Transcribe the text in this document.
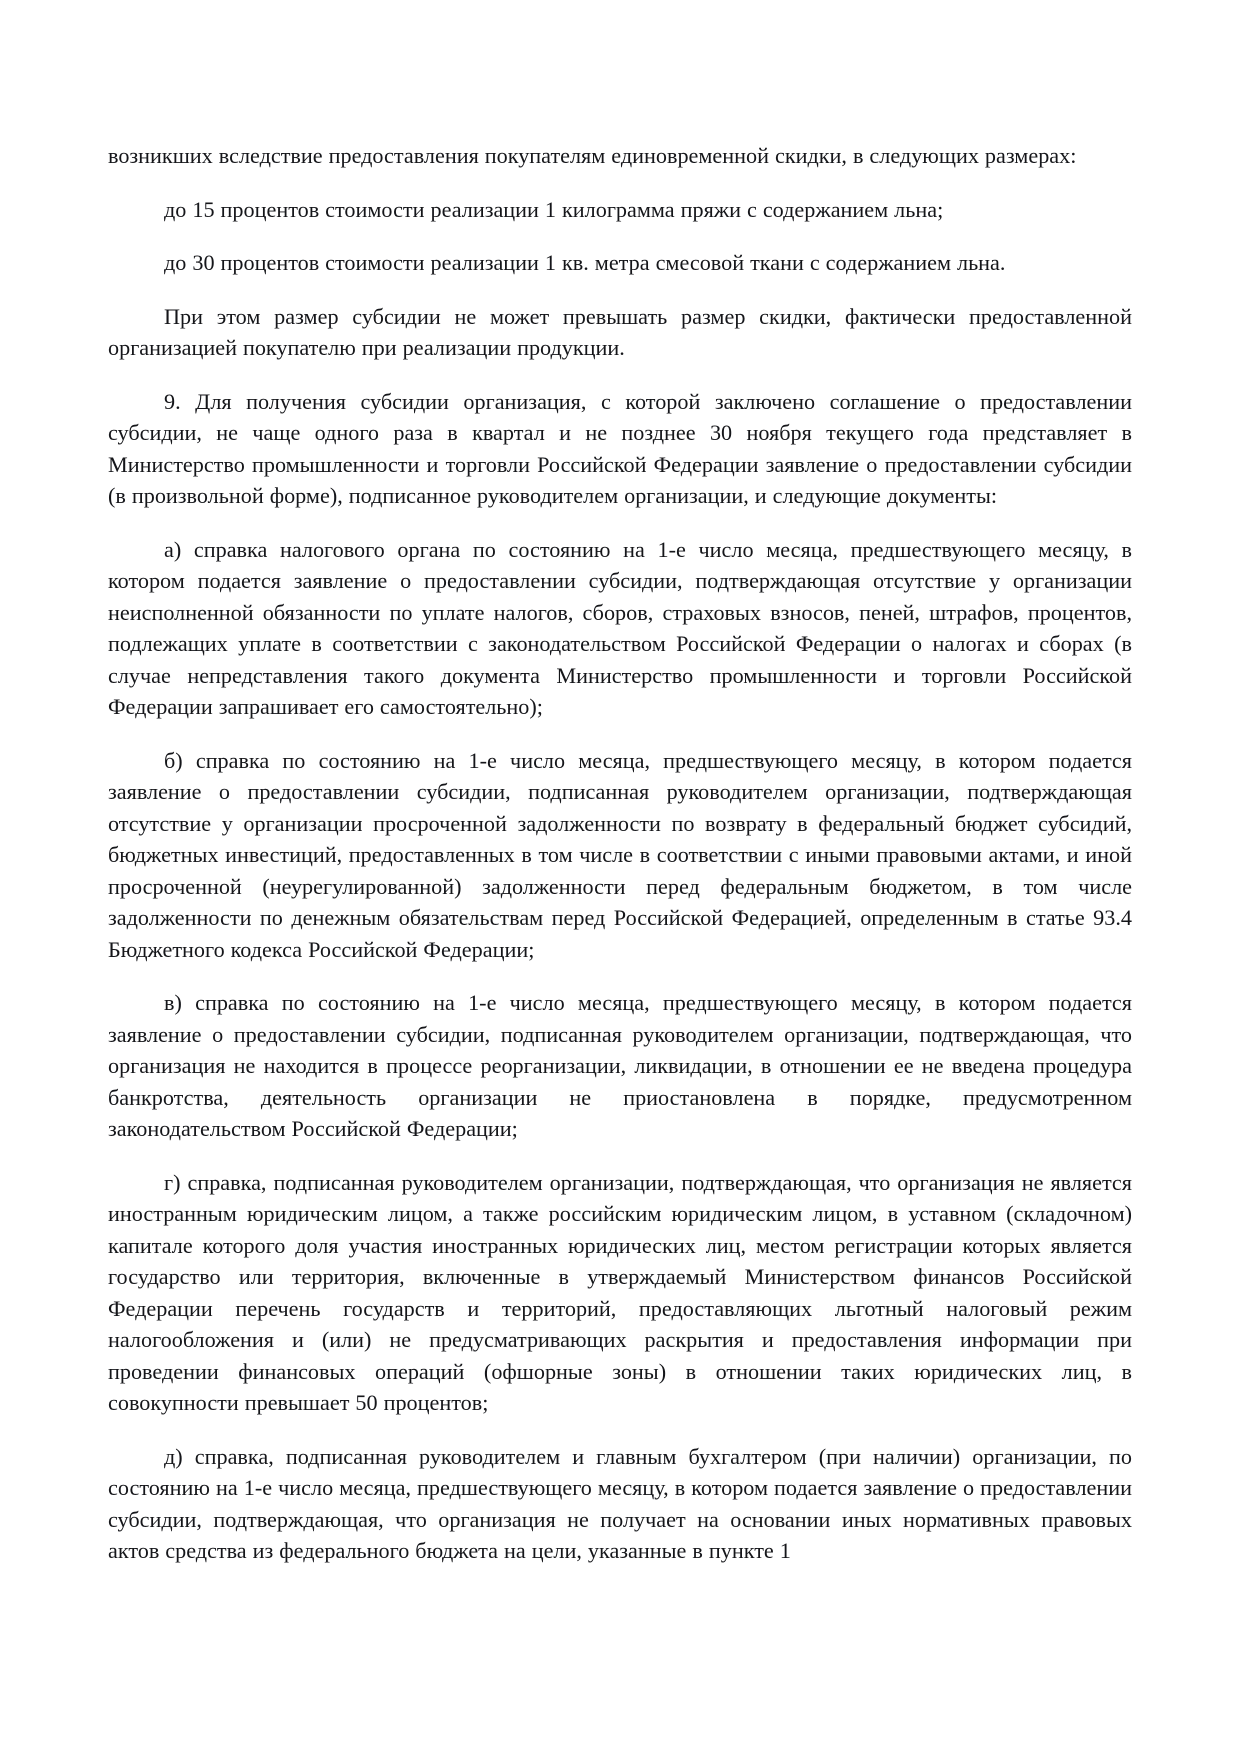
возникших вследствие предоставления покупателям единовременной скидки, в следующих размерах:

до 15 процентов стоимости реализации 1 килограмма пряжи с содержанием льна;

до 30 процентов стоимости реализации 1 кв. метра смесовой ткани с содержанием льна.

При этом размер субсидии не может превышать размер скидки, фактически предоставленной организацией покупателю при реализации продукции.

9. Для получения субсидии организация, с которой заключено соглашение о предоставлении субсидии, не чаще одного раза в квартал и не позднее 30 ноября текущего года представляет в Министерство промышленности и торговли Российской Федерации заявление о предоставлении субсидии (в произвольной форме), подписанное руководителем организации, и следующие документы:

а) справка налогового органа по состоянию на 1-е число месяца, предшествующего месяцу, в котором подается заявление о предоставлении субсидии, подтверждающая отсутствие у организации неисполненной обязанности по уплате налогов, сборов, страховых взносов, пеней, штрафов, процентов, подлежащих уплате в соответствии с законодательством Российской Федерации о налогах и сборах (в случае непредставления такого документа Министерство промышленности и торговли Российской Федерации запрашивает его самостоятельно);

б) справка по состоянию на 1-е число месяца, предшествующего месяцу, в котором подается заявление о предоставлении субсидии, подписанная руководителем организации, подтверждающая отсутствие у организации просроченной задолженности по возврату в федеральный бюджет субсидий, бюджетных инвестиций, предоставленных в том числе в соответствии с иными правовыми актами, и иной просроченной (неурегулированной) задолженности перед федеральным бюджетом, в том числе задолженности по денежным обязательствам перед Российской Федерацией, определенным в статье 93.4 Бюджетного кодекса Российской Федерации;

в) справка по состоянию на 1-е число месяца, предшествующего месяцу, в котором подается заявление о предоставлении субсидии, подписанная руководителем организации, подтверждающая, что организация не находится в процессе реорганизации, ликвидации, в отношении ее не введена процедура банкротства, деятельность организации не приостановлена в порядке, предусмотренном законодательством Российской Федерации;

г) справка, подписанная руководителем организации, подтверждающая, что организация не является иностранным юридическим лицом, а также российским юридическим лицом, в уставном (складочном) капитале которого доля участия иностранных юридических лиц, местом регистрации которых является государство или территория, включенные в утверждаемый Министерством финансов Российской Федерации перечень государств и территорий, предоставляющих льготный налоговый режим налогообложения и (или) не предусматривающих раскрытия и предоставления информации при проведении финансовых операций (офшорные зоны) в отношении таких юридических лиц, в совокупности превышает 50 процентов;

д) справка, подписанная руководителем и главным бухгалтером (при наличии) организации, по состоянию на 1-е число месяца, предшествующего месяцу, в котором подается заявление о предоставлении субсидии, подтверждающая, что организация не получает на основании иных нормативных правовых актов средства из федерального бюджета на цели, указанные в пункте 1
